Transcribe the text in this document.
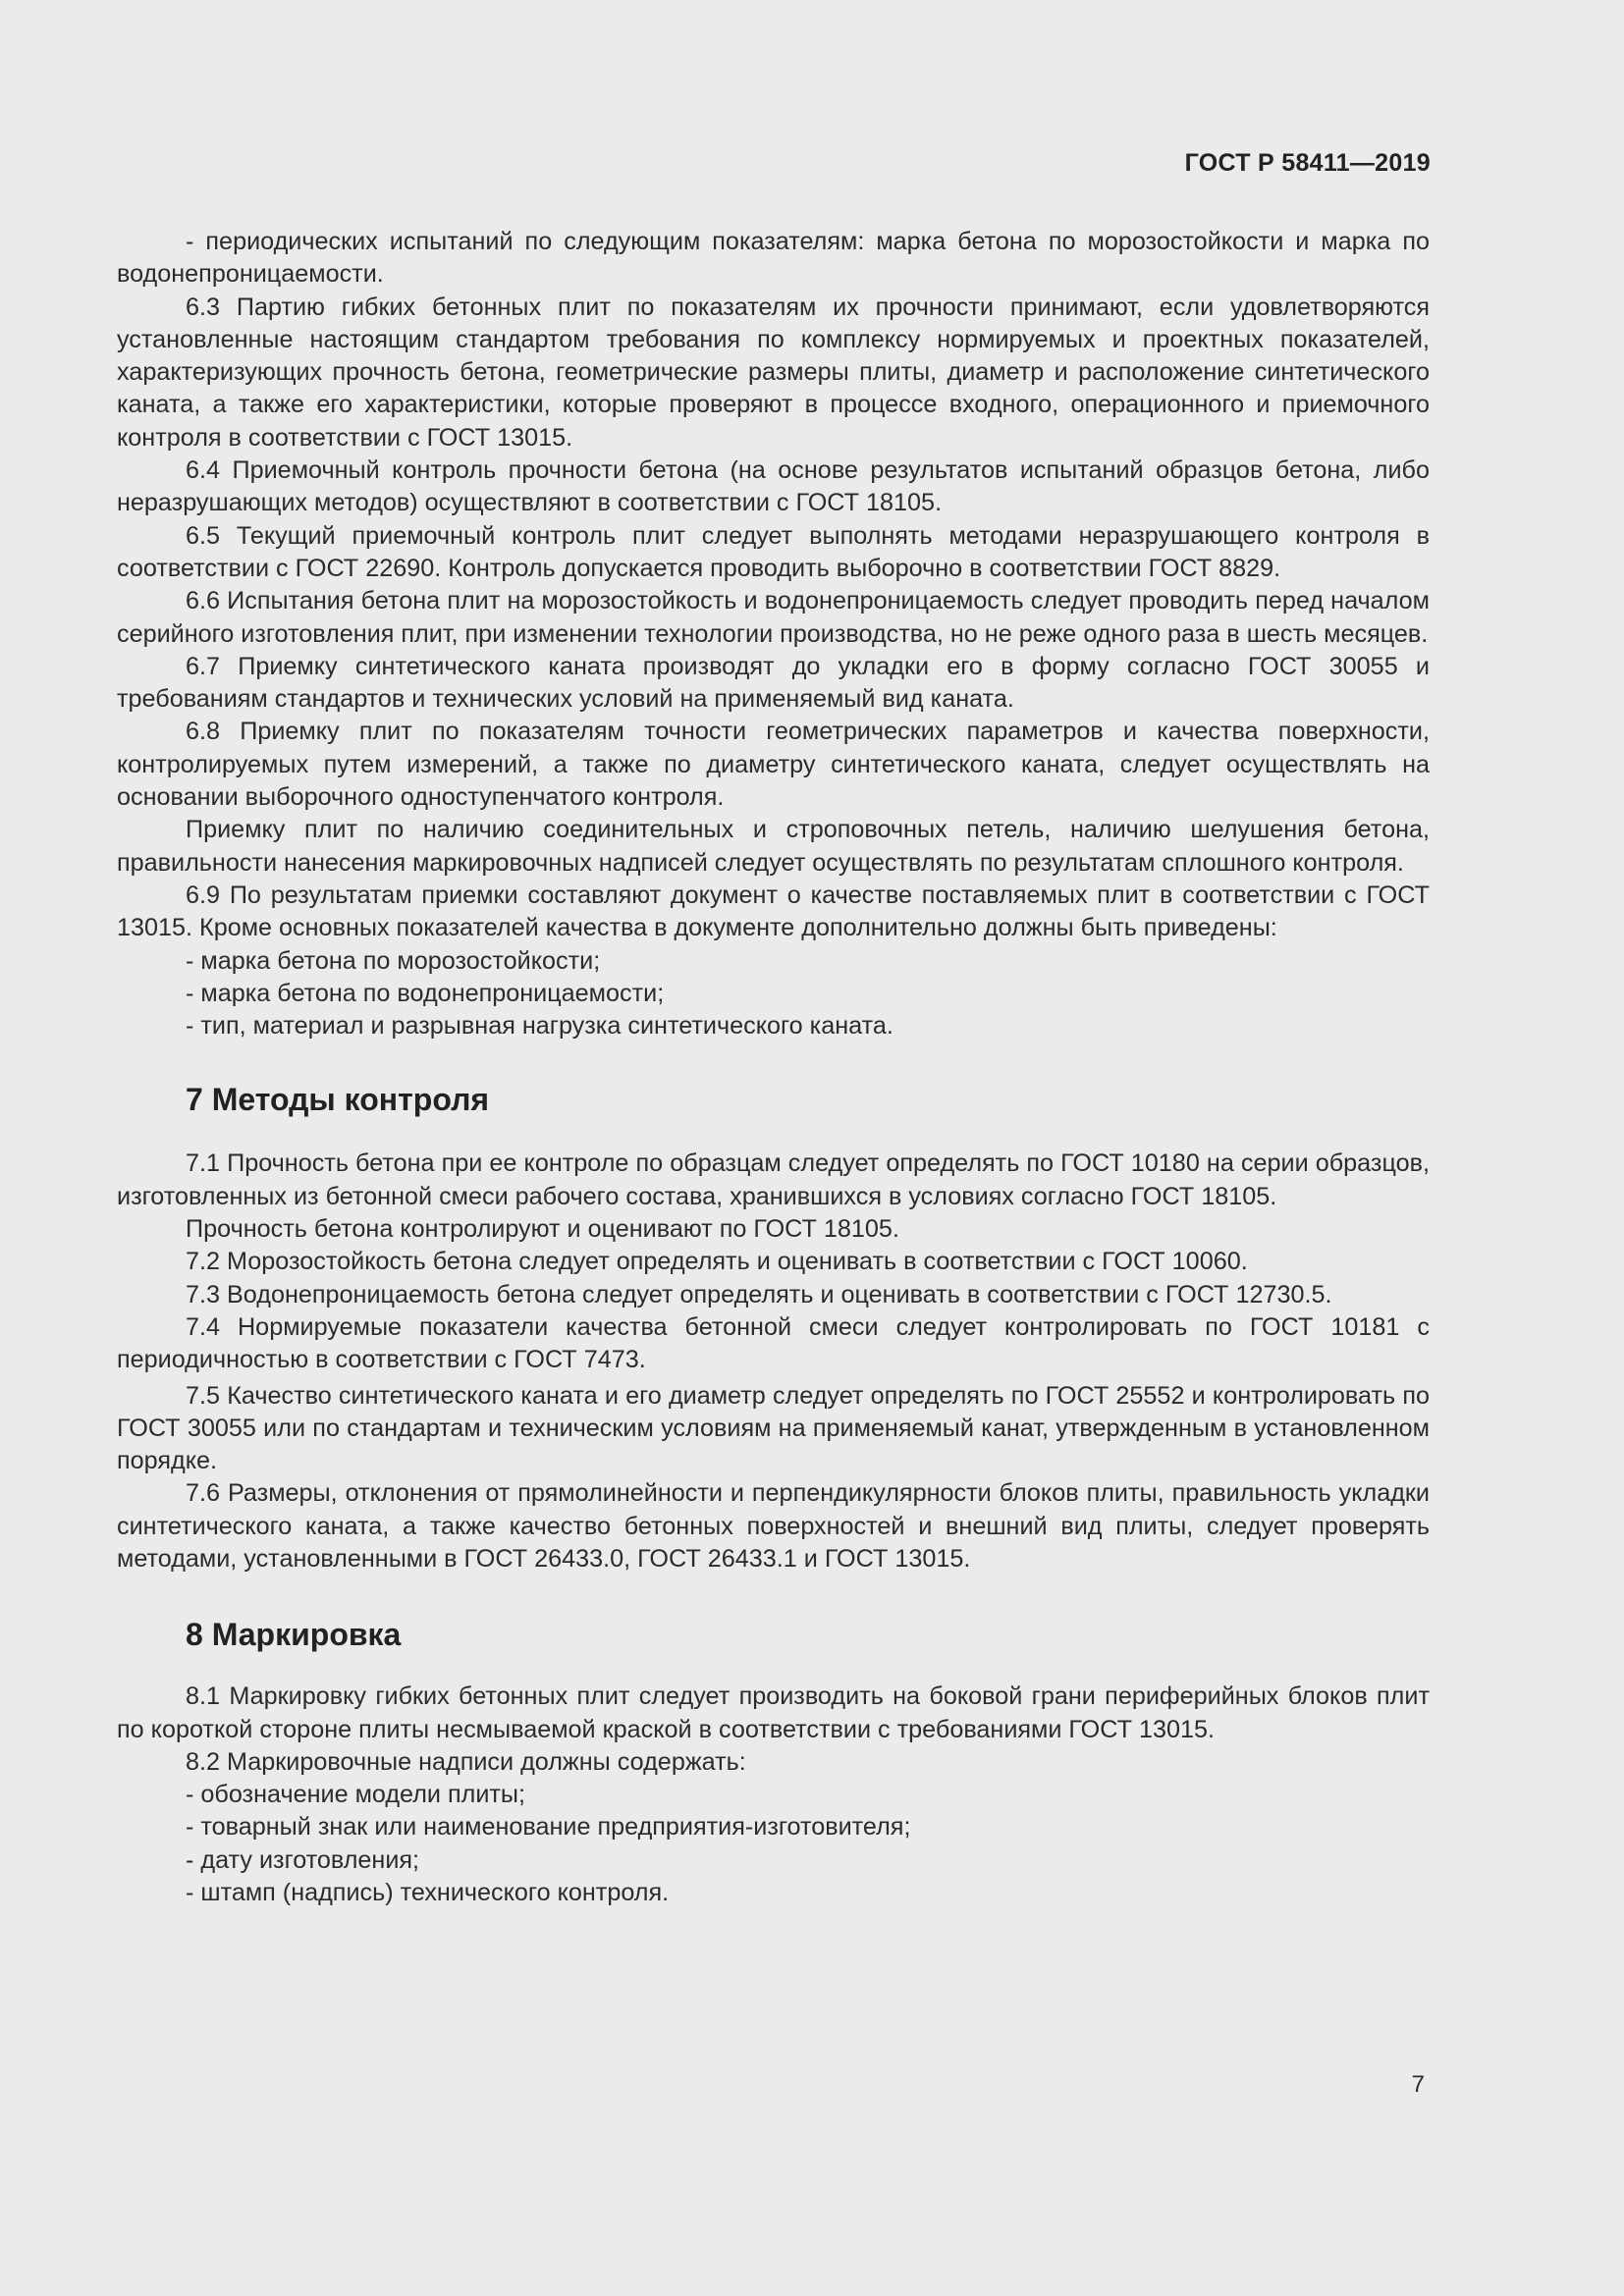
ГОСТ Р 58411—2019

- периодических испытаний по следующим показателям: марка бетона по морозостойкости и марка по водонепроницаемости.

6.3 Партию гибких бетонных плит по показателям их прочности принимают, если удовлетворяются установленные настоящим стандартом требования по комплексу нормируемых и проектных показателей, характеризующих прочность бетона, геометрические размеры плиты, диаметр и расположение синтетического каната, а также его характеристики, которые проверяют в процессе входного, операционного и приемочного контроля в соответствии с ГОСТ 13015.

6.4 Приемочный контроль прочности бетона (на основе результатов испытаний образцов бетона, либо неразрушающих методов) осуществляют в соответствии с ГОСТ 18105.

6.5 Текущий приемочный контроль плит следует выполнять методами неразрушающего контроля в соответствии с ГОСТ 22690. Контроль допускается проводить выборочно в соответствии ГОСТ 8829.

6.6 Испытания бетона плит на морозостойкость и водонепроницаемость следует проводить перед началом серийного изготовления плит, при изменении технологии производства, но не реже одного раза в шесть месяцев.

6.7 Приемку синтетического каната производят до укладки его в форму согласно ГОСТ 30055 и требованиям стандартов и технических условий на применяемый вид каната.

6.8 Приемку плит по показателям точности геометрических параметров и качества поверхности, контролируемых путем измерений, а также по диаметру синтетического каната, следует осуществлять на основании выборочного одноступенчатого контроля.

Приемку плит по наличию соединительных и строповочных петель, наличию шелушения бетона, правильности нанесения маркировочных надписей следует осуществлять по результатам сплошного контроля.

6.9 По результатам приемки составляют документ о качестве поставляемых плит в соответствии с ГОСТ 13015. Кроме основных показателей качества в документе дополнительно должны быть приведены:

- марка бетона по морозостойкости;

- марка бетона по водонепроницаемости;

- тип, материал и разрывная нагрузка синтетического каната.

7 Методы контроля

7.1 Прочность бетона при ее контроле по образцам следует определять по ГОСТ 10180 на серии образцов, изготовленных из бетонной смеси рабочего состава, хранившихся в условиях согласно ГОСТ 18105.

Прочность бетона контролируют и оценивают по ГОСТ 18105.

7.2 Морозостойкость бетона следует определять и оценивать в соответствии с ГОСТ 10060.

7.3 Водонепроницаемость бетона следует определять и оценивать в соответствии с ГОСТ 12730.5.

7.4 Нормируемые показатели качества бетонной смеси следует контролировать по ГОСТ 10181 с периодичностью в соответствии с ГОСТ 7473.

7.5 Качество синтетического каната и его диаметр следует определять по ГОСТ 25552 и контролировать по ГОСТ 30055 или по стандартам и техническим условиям на применяемый канат, утвержденным в установленном порядке.

7.6 Размеры, отклонения от прямолинейности и перпендикулярности блоков плиты, правильность укладки синтетического каната, а также качество бетонных поверхностей и внешний вид плиты, следует проверять методами, установленными в ГОСТ 26433.0, ГОСТ 26433.1 и ГОСТ 13015.

8 Маркировка

8.1 Маркировку гибких бетонных плит следует производить на боковой грани периферийных блоков плит по короткой стороне плиты несмываемой краской в соответствии с требованиями ГОСТ 13015.

8.2 Маркировочные надписи должны содержать:

- обозначение модели плиты;

- товарный знак или наименование предприятия-изготовителя;

- дату изготовления;

- штамп (надпись) технического контроля.

7
